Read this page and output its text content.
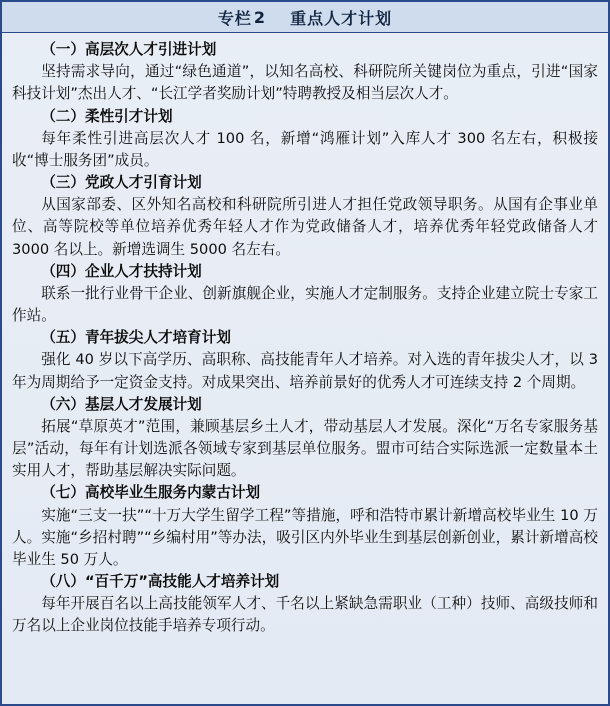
专栏 2 重点人才计划

（一）高层次人才引进计划

坚持需求导向，通过“绿色通道”，以知名高校、科研院所关键岗位为重点，引进“国家科技计划”杰出人才、“长江学者奖励计划”特聘教授及相当层次人才。

（二）柔性引才计划

每年柔性引进高层次人才 100 名，新增“鸿雁计划”入库人才 300 名左右，积极接收“博士服务团”成员。

（三）党政人才引育计划

从国家部委、区外知名高校和科研院所引进人才担任党政领导职务。从国有企事业单位、高等院校等单位培养优秀年轻人才作为党政储备人才，培养优秀年轻党政储备人才 3000 名以上。新增选调生 5000 名左右。

（四）企业人才扶持计划

联系一批行业骨干企业、创新旗舰企业，实施人才定制服务。支持企业建立院士专家工作站。

（五）青年拔尖人才培育计划

强化 40 岁以下高学历、高职称、高技能青年人才培养。对入选的青年拔尖人才，以 3 年为周期给予一定资金支持。对成果突出、培养前景好的优秀人才可连续支持 2 个周期。

（六）基层人才发展计划

拓展“草原英才”范围，兼顾基层乡土人才，带动基层人才发展。深化“万名专家服务基层”活动，每年有计划选派各领域专家到基层单位服务。盟市可结合实际选派一定数量本土实用人才，帮助基层解决实际问题。

（七）高校毕业生服务内蒙古计划

实施“三支一扶”“十万大学生留学工程”等措施，呼和浩特市累计新增高校毕业生 10 万人。实施“乡招村聘”“乡编村用”等办法，吸引区内外毕业生到基层创新创业，累计新增高校毕业生 50 万人。

（八）“百千万”高技能人才培养计划

每年开展百名以上高技能领军人才、千名以上紧缺急需职业（工种）技师、高级技师和万名以上企业岗位技能手培养专项行动。
